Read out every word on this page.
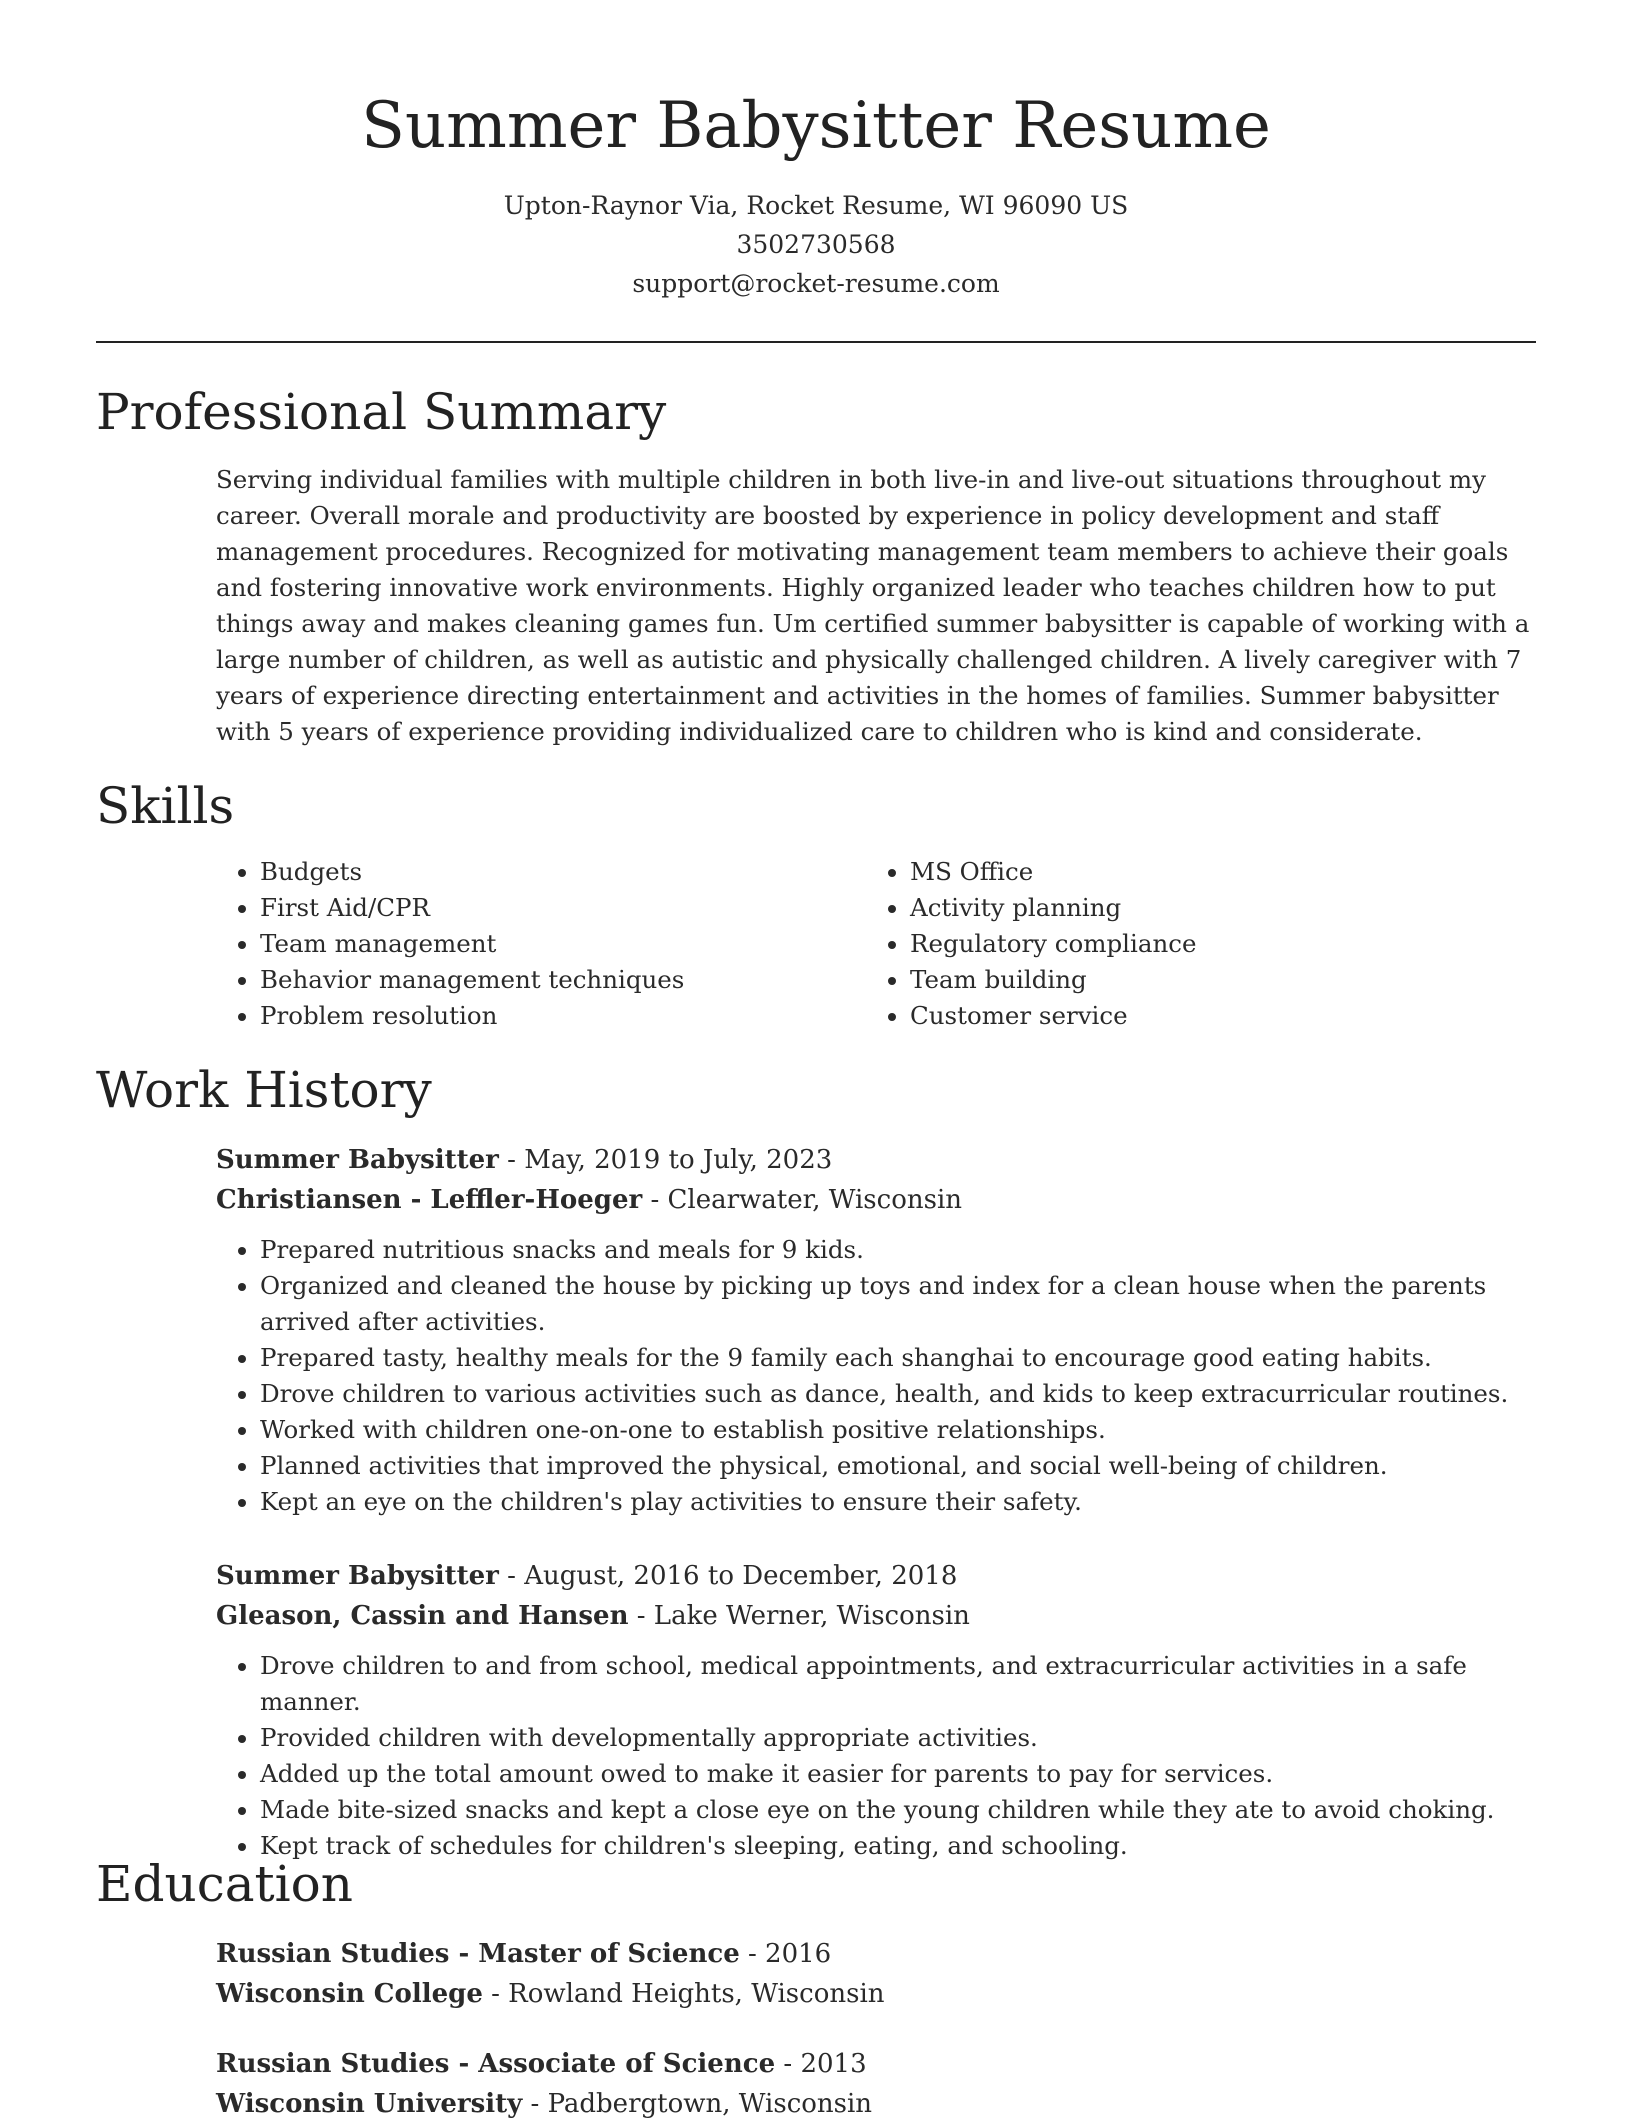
Summer Babysitter Resume
Upton-Raynor Via, Rocket Resume, WI 96090 US
3502730568
support@rocket-resume.com
Professional Summary

Serving individual families with multiple children in both live-in and live-out situations throughout my career. Overall morale and productivity are boosted by experience in policy development and staff management procedures. Recognized for motivating management team members to achieve their goals and fostering innovative work environments. Highly organized leader who teaches children how to put things away and makes cleaning games fun. Um certified summer babysitter is capable of working with a large number of children, as well as autistic and physically challenged children. A lively caregiver with 7 years of experience directing entertainment and activities in the homes of families. Summer babysitter with 5 years of experience providing individualized care to children who is kind and considerate.

Skills
• Budgets
• First Aid/CPR
• Team management
• Behavior management techniques
• Problem resolution
• MS Office
• Activity planning
• Regulatory compliance
• Team building
• Customer service
Work History
Summer Babysitter - May, 2019 to July, 2023
Christiansen - Leffler-Hoeger - Clearwater, Wisconsin
• Prepared nutritious snacks and meals for 9 kids.
• Organized and cleaned the house by picking up toys and index for a clean house when the parents arrived after activities.
• Prepared tasty, healthy meals for the 9 family each shanghai to encourage good eating habits.
• Drove children to various activities such as dance, health, and kids to keep extracurricular routines.
• Worked with children one-on-one to establish positive relationships.
• Planned activities that improved the physical, emotional, and social well-being of children.
• Kept an eye on the children's play activities to ensure their safety.
Summer Babysitter - August, 2016 to December, 2018
Gleason, Cassin and Hansen - Lake Werner, Wisconsin
• Drove children to and from school, medical appointments, and extracurricular activities in a safe manner.
• Provided children with developmentally appropriate activities.
• Added up the total amount owed to make it easier for parents to pay for services.
• Made bite-sized snacks and kept a close eye on the young children while they ate to avoid choking.
• Kept track of schedules for children's sleeping, eating, and schooling.
Education
Russian Studies - Master of Science - 2016
Wisconsin College - Rowland Heights, Wisconsin
Russian Studies - Associate of Science - 2013
Wisconsin University - Padbergtown, Wisconsin
